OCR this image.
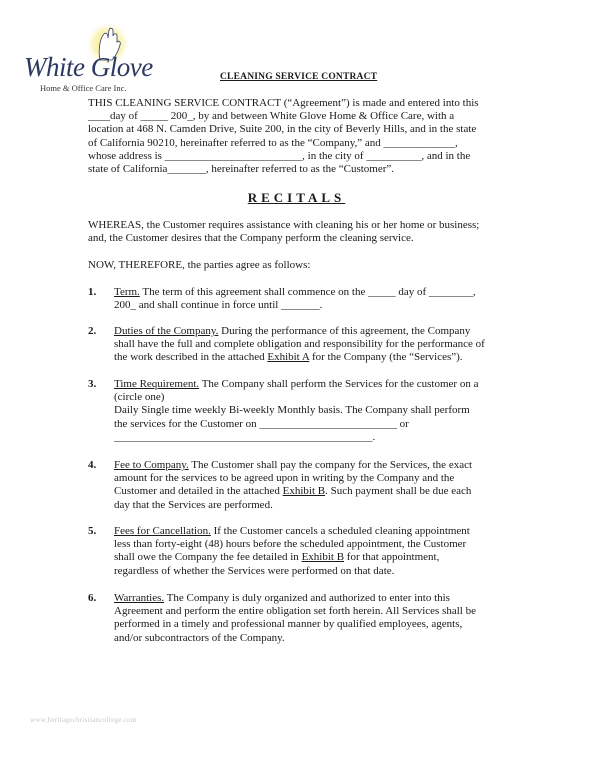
White Glove
Home & Office Care Inc.
CLEANING SERVICE CONTRACT
THIS CLEANING SERVICE CONTRACT (“Agreement”) is made and entered into this
____day of _____ 200_, by and between White Glove Home & Office Care, with a
location at 468 N. Camden Drive, Suite 200, in the city of Beverly Hills, and in the state
of California 90210, hereinafter referred to as the “Company,” and _____________,
whose address is _________________________, in the city of __________, and in the
state of California_______, hereinafter referred to as the “Customer”.
RECITALS
WHEREAS, the Customer requires assistance with cleaning his or her home or business;
and, the Customer desires that the Company perform the cleaning service.
NOW, THEREFORE, the parties agree as follows:
1. Term. The term of this agreement shall commence on the _____ day of ________,
200_ and shall continue in force until _______.
2. Duties of the Company. During the performance of this agreement, the Company
shall have the full and complete obligation and responsibility for the performance of
the work described in the attached Exhibit A for the Company (the “Services”).
3. Time Requirement. The Company shall perform the Services for the customer on a
(circle one)
Daily Single time weekly Bi-weekly Monthly basis. The Company shall perform
the services for the Customer on _________________________ or
_______________________________________________.
4. Fee to Company. The Customer shall pay the company for the Services, the exact
amount for the services to be agreed upon in writing by the Company and the
Customer and detailed in the attached Exhibit B. Such payment shall be due each
day that the Services are performed.
5. Fees for Cancellation. If the Customer cancels a scheduled cleaning appointment
less than forty-eight (48) hours before the scheduled appointment, the Customer
shall owe the Company the fee detailed in Exhibit B for that appointment,
regardless of whether the Services were performed on that date.
6. Warranties. The Company is duly organized and authorized to enter into this
Agreement and perform the entire obligation set forth herein. All Services shall be
performed in a timely and professional manner by qualified employees, agents,
and/or subcontractors of the Company.
www.heritagechristiancollege.com
